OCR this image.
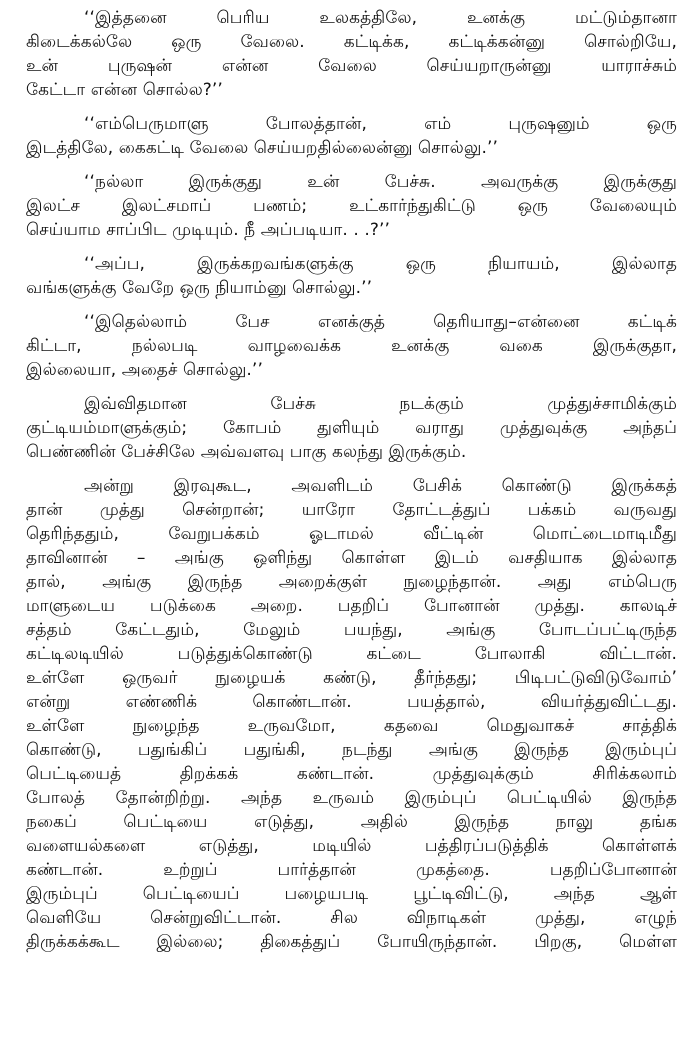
‘‘இத்தனை பெரிய உலகத்திலே, உனக்கு மட்டும்தானா
கிடைக்கல்லே ஒரு வேலை. கட்டிக்க, கட்டிக்கன்னு சொல்றியே,
உன் புருஷன் என்ன வேலை செய்யறாருன்னு யாராச்சும்
கேட்டா என்ன சொல்ல?’’
‘‘எம்பெருமாளு போலத்தான், எம் புருஷனும் ஒரு
இடத்திலே, கைகட்டி வேலை செய்யறதில்லைன்னு சொல்லு.’’
‘‘நல்லா இருக்குது உன் பேச்சு. அவருக்கு இருக்குது
இலட்ச இலட்சமாப் பணம்; உட்கார்ந்துகிட்டு ஒரு வேலையும்
செய்யாம சாப்பிட முடியும். நீ அப்படியா. . .?’’
‘‘அப்ப, இருக்கறவங்களுக்கு ஒரு நியாயம், இல்லாத
வங்களுக்கு வேறே ஒரு நியாம்னு சொல்லு.’’
‘‘இதெல்லாம் பேச எனக்குத் தெரியாது–என்னை கட்டிக்
கிட்டா, நல்லபடி வாழவைக்க உனக்கு வகை இருக்குதா,
இல்லையா, அதைச் சொல்லு.’’
இவ்விதமான பேச்சு நடக்கும் முத்துச்சாமிக்கும்
குட்டியம்மாளுக்கும்; கோபம் துளியும் வராது முத்துவுக்கு அந்தப்
பெண்ணின் பேச்சிலே அவ்வளவு பாகு கலந்து இருக்கும்.
அன்று இரவுகூட, அவளிடம் பேசிக் கொண்டு இருக்கத்
தான் முத்து சென்றான்; யாரோ தோட்டத்துப் பக்கம் வருவது
தெரிந்ததும், வேறுபக்கம் ஓடாமல் வீட்டின் மொட்டைமாடிமீது
தாவினான் – அங்கு ஒளிந்து கொள்ள இடம் வசதியாக இல்லாத
தால், அங்கு இருந்த அறைக்குள் நுழைந்தான். அது எம்பெரு
மாளுடைய படுக்கை அறை. பதறிப் போனான் முத்து. காலடிச்
சத்தம் கேட்டதும், மேலும் பயந்து, அங்கு போடப்பட்டிருந்த
கட்டிலடியில் படுத்துக்கொண்டு கட்டை போலாகி விட்டான்.
உள்ளே ஒருவர் நுழையக் கண்டு, தீர்ந்தது; பிடிபட்டுவிடுவோம்’
என்று எண்ணிக் கொண்டான். பயத்தால், வியர்த்துவிட்டது.
உள்ளே நுழைந்த உருவமோ, கதவை மெதுவாகச் சாத்திக்
கொண்டு, பதுங்கிப் பதுங்கி, நடந்து அங்கு இருந்த இரும்புப்
பெட்டியைத் திறக்கக் கண்டான். முத்துவுக்கும் சிரிக்கலாம்
போலத் தோன்றிற்று. அந்த உருவம் இரும்புப் பெட்டியில் இருந்த
நகைப் பெட்டியை எடுத்து, அதில் இருந்த நாலு தங்க
வளையல்களை எடுத்து, மடியில் பத்திரப்படுத்திக் கொள்ளக்
கண்டான். உற்றுப் பார்த்தான் முகத்தை. பதறிப்போனான்
இரும்புப் பெட்டியைப் பழையபடி பூட்டிவிட்டு, அந்த ஆள்
வெளியே சென்றுவிட்டான். சில விநாடிகள் முத்து, எழுந்
திருக்கக்கூட இல்லை; திகைத்துப் போயிருந்தான். பிறகு, மெள்ள
